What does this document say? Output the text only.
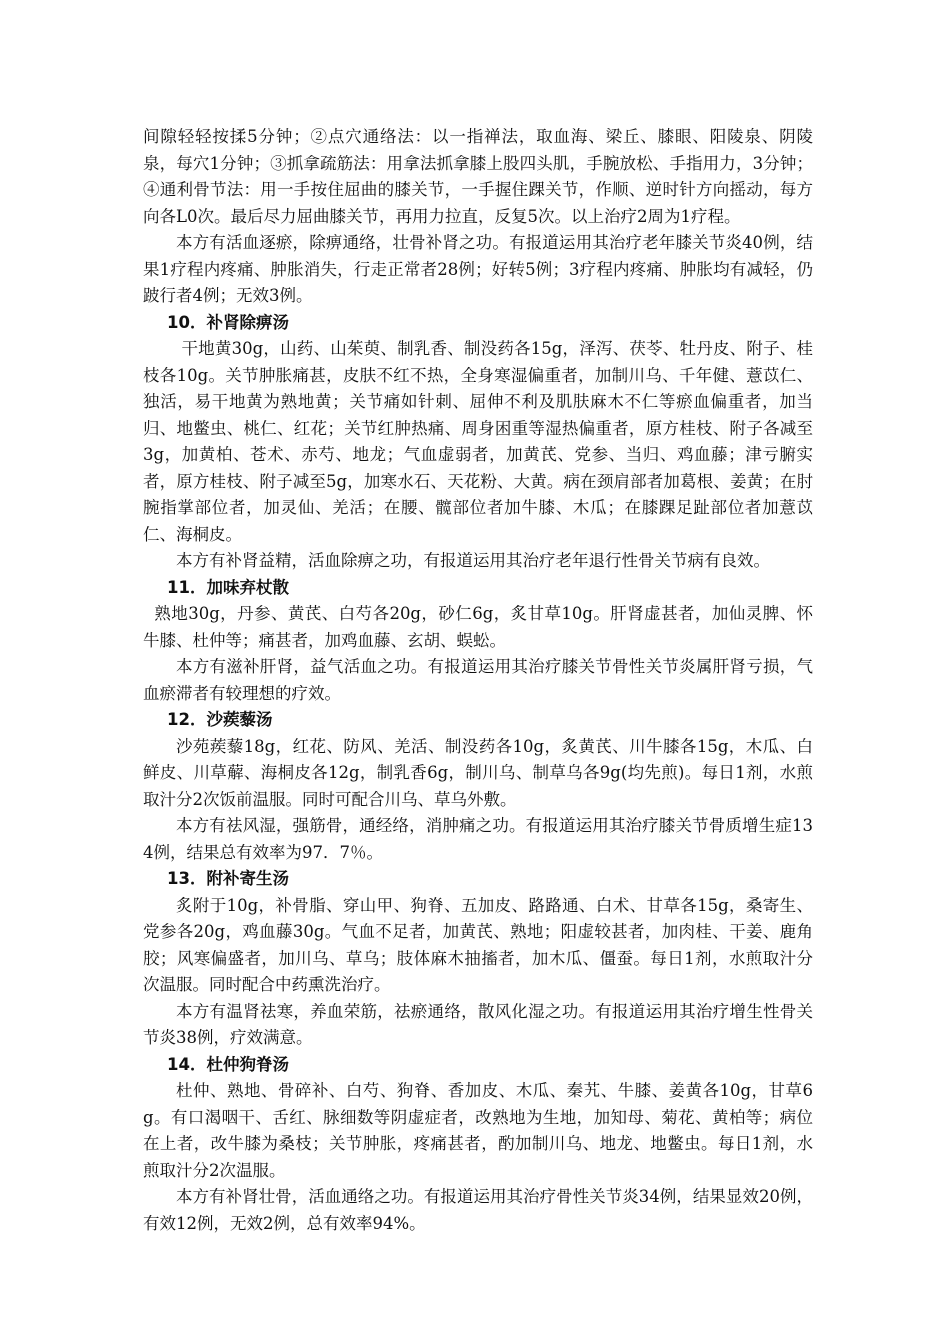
间隙轻轻按揉5分钟；②点穴通络法：以一指禅法，取血海、梁丘、膝眼、阳陵泉、阴陵泉，每穴1分钟；③抓拿疏筋法：用拿法抓拿膝上股四头肌，手腕放松、手指用力，3分钟；④通利骨节法：用一手按住屈曲的膝关节，一手握住踝关节，作顺、逆时针方向摇动，每方向各L0次。最后尽力屈曲膝关节，再用力拉直，反复5次。以上治疗2周为1疗程。

本方有活血逐瘀，除痹通络，壮骨补肾之功。有报道运用其治疗老年膝关节炎40例，结果1疗程内疼痛、肿胀消失，行走正常者28例；好转5例；3疗程内疼痛、肿胀均有减轻，仍跛行者4例；无效3例。

10．补肾除痹汤

干地黄30g，山药、山茱萸、制乳香、制没药各15g，泽泻、茯苓、牡丹皮、附子、桂枝各10g。关节肿胀痛甚，皮肤不红不热，全身寒湿偏重者，加制川乌、千年健、薏苡仁、独活，易干地黄为熟地黄；关节痛如针刺、屈伸不利及肌肤麻木不仁等瘀血偏重者，加当归、地鳖虫、桃仁、红花；关节红肿热痛、周身困重等湿热偏重者，原方桂枝、附子各减至3g，加黄柏、苍术、赤芍、地龙；气血虚弱者，加黄芪、党参、当归、鸡血藤；津亏腑实者，原方桂枝、附子减至5g，加寒水石、天花粉、大黄。病在颈肩部者加葛根、姜黄；在肘腕指掌部位者，加灵仙、羌活；在腰、髋部位者加牛膝、木瓜；在膝踝足趾部位者加薏苡仁、海桐皮。

本方有补肾益精，活血除痹之功，有报道运用其治疗老年退行性骨关节病有良效。

11．加味弃杖散

熟地30g，丹参、黄芪、白芍各20g，砂仁6g，炙甘草10g。肝肾虚甚者，加仙灵脾、怀牛膝、杜仲等；痛甚者，加鸡血藤、玄胡、蜈蚣。

本方有滋补肝肾，益气活血之功。有报道运用其治疗膝关节骨性关节炎属肝肾亏损，气血瘀滞者有较理想的疗效。

12．沙蒺藜汤

沙苑蒺藜18g，红花、防风、羌活、制没药各10g，炙黄芪、川牛膝各15g，木瓜、白鲜皮、川草薢、海桐皮各12g，制乳香6g，制川乌、制草乌各9g(均先煎)。每日1剂，水煎取汁分2次饭前温服。同时可配合川乌、草乌外敷。

本方有祛风湿，强筋骨，通经络，消肿痛之功。有报道运用其治疗膝关节骨质增生症134例，结果总有效率为97．7％。

13．附补寄生汤

炙附于10g，补骨脂、穿山甲、狗脊、五加皮、路路通、白术、甘草各15g，桑寄生、党参各20g，鸡血藤30g。气血不足者，加黄芪、熟地；阳虚较甚者，加肉桂、干姜、鹿角胶；风寒偏盛者，加川乌、草乌；肢体麻木抽搐者，加木瓜、僵蚕。每日1剂，水煎取汁分次温服。同时配合中药熏洗治疗。

本方有温肾祛寒，养血荣筋，祛瘀通络，散风化湿之功。有报道运用其治疗增生性骨关节炎38例，疗效满意。

14．杜仲狗脊汤

杜仲、熟地、骨碎补、白芍、狗脊、香加皮、木瓜、秦艽、牛膝、姜黄各10g，甘草6g。有口渴咽干、舌红、脉细数等阴虚症者，改熟地为生地，加知母、菊花、黄柏等；病位在上者，改牛膝为桑枝；关节肿胀，疼痛甚者，酌加制川乌、地龙、地鳖虫。每日1剂，水煎取汁分2次温服。

本方有补肾壮骨，活血通络之功。有报道运用其治疗骨性关节炎34例，结果显效20例，有效12例，无效2例，总有效率94%。
